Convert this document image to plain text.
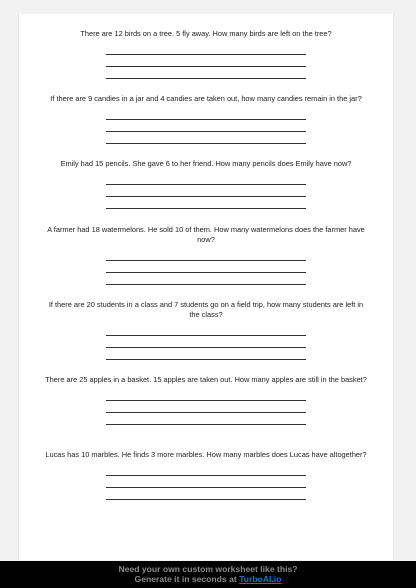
There are 12 birds on a tree. 5 fly away. How many birds are left on the tree?
If there are 9 candies in a jar and 4 candies are taken out, how many candies remain in the jar?
Emily had 15 pencils. She gave 6 to her friend. How many pencils does Emily have now?
A farmer had 18 watermelons. He sold 10 of them. How many watermelons does the farmer have now?
If there are 20 students in a class and 7 students go on a field trip, how many students are left in the class?
There are 25 apples in a basket. 15 apples are taken out. How many apples are still in the basket?
Lucas has 10 marbles. He finds 3 more marbles. How many marbles does Lucas have altogether?
Need your own custom worksheet like this?
Generate it in seconds at TurboAI.io
